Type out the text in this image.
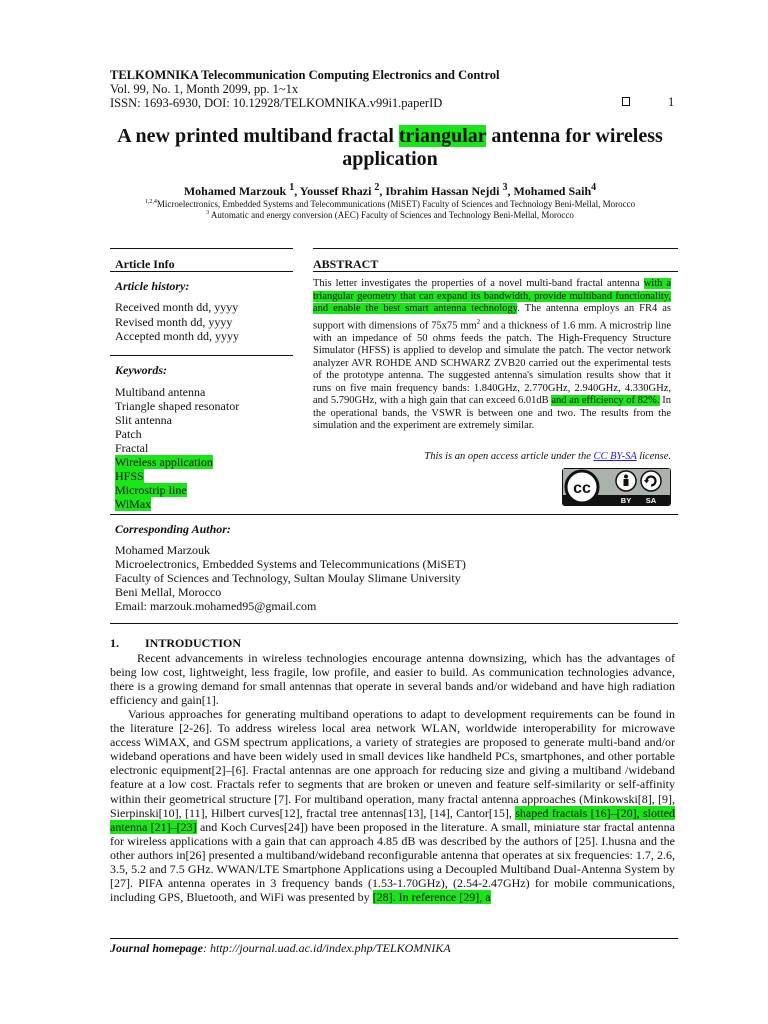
TELKOMNIKA Telecommunication Computing Electronics and Control
Vol. 99, No. 1, Month 2099, pp. 1~1x
ISSN: 1693-6930, DOI: 10.12928/TELKOMNIKA.v99i1.paperID	1
A new printed multiband fractal triangular antenna for wireless application
Mohamed Marzouk $^1$, Youssef Rhazi $^2$, Ibrahim Hassan Nejdi $^3$, Mohamed Saih$^4$
$^{1,2,4}$Microelectronics, Embedded Systems and Telecommunications (MiSET) Faculty of Sciences and Technology Beni-Mellal, Morocco
$^3$ Automatic and energy conversion (AEC) Faculty of Sciences and Technology Beni-Mellal, Morocco
Article Info
Article history:
Received month dd, yyyy
Revised month dd, yyyy
Accepted month dd, yyyy
Keywords:
Multiband antenna
Triangle shaped resonator
Slit antenna
Patch
Fractal
Wireless application
HFSS
Microstrip line
WiMax
ABSTRACT
This letter investigates the properties of a novel multi-band fractal antenna with a triangular geometry that can expand its bandwidth, provide multiband functionality, and enable the best smart antenna technology. The antenna employs an FR4 as support with dimensions of 75x75 $mm^2$ and a thickness of 1.6 mm. A microstrip line with an impedance of 50 ohms feeds the patch. The High-Frequency Structure Simulator (HFSS) is applied to develop and simulate the patch. The vector network analyzer AVR ROHDE AND SCHWARZ ZVB20 carried out the experimental tests of the prototype antenna. The suggested antenna's simulation results show that it runs on five main frequency bands: 1.840GHz, 2.770GHz, 2.940GHz, 4.330GHz, and 5.790GHz, with a high gain that can exceed 6.01dB and an efficiency of 82%. In the operational bands, the VSWR is between one and two. The results from the simulation and the experiment are extremely similar.
This is an open access article under the CC BY-SA license.
cc
BY SA
Corresponding Author:
Mohamed Marzouk
Microelectronics, Embedded Systems and Telecommunications (MiSET)
Faculty of Sciences and Technology, Sultan Moulay Slimane University
Beni Mellal, Morocco
Email: marzouk.mohamed95@gmail.com
1. INTRODUCTION
Recent advancements in wireless technologies encourage antenna downsizing, which has the advantages of being low cost, lightweight, less fragile, low profile, and easier to build. As communication technologies advance, there is a growing demand for small antennas that operate in several bands and/or wideband and have high radiation efficiency and gain[1].
Various approaches for generating multiband operations to adapt to development requirements can be found in the literature [2-26]. To address wireless local area network WLAN, worldwide interoperability for microwave access WiMAX, and GSM spectrum applications, a variety of strategies are proposed to generate multi-band and/or wideband operations and have been widely used in small devices like handheld PCs, smartphones, and other portable electronic equipment[2]–[6]. Fractal antennas are one approach for reducing size and giving a multiband /wideband feature at a low cost. Fractals refer to segments that are broken or uneven and feature self-similarity or self-affinity within their geometrical structure [7]. For multiband operation, many fractal antenna approaches (Minkowski[8], [9], Sierpinski[10], [11], Hilbert curves[12], fractal tree antennas[13], [14], Cantor[15], shaped fractals [16]–[20], slotted antenna [21]–[23] and Koch Curves[24]) have been proposed in the literature. A small, miniature star fractal antenna for wireless applications with a gain that can approach 4.85 dB was described by the authors of [25]. I.husna and the other authors in[26] presented a multiband/wideband reconfigurable antenna that operates at six frequencies: 1.7, 2.6, 3.5, 5.2 and 7.5 GHz. WWAN/LTE Smartphone Applications using a Decoupled Multiband Dual-Antenna System by [27]. PIFA antenna operates in 3 frequency bands (1.53-1.70GHz), (2.54-2.47GHz) for mobile communications, including GPS, Bluetooth, and WiFi was presented by [28]. In reference [29], a
Journal homepage: http://journal.uad.ac.id/index.php/TELKOMNIKA
